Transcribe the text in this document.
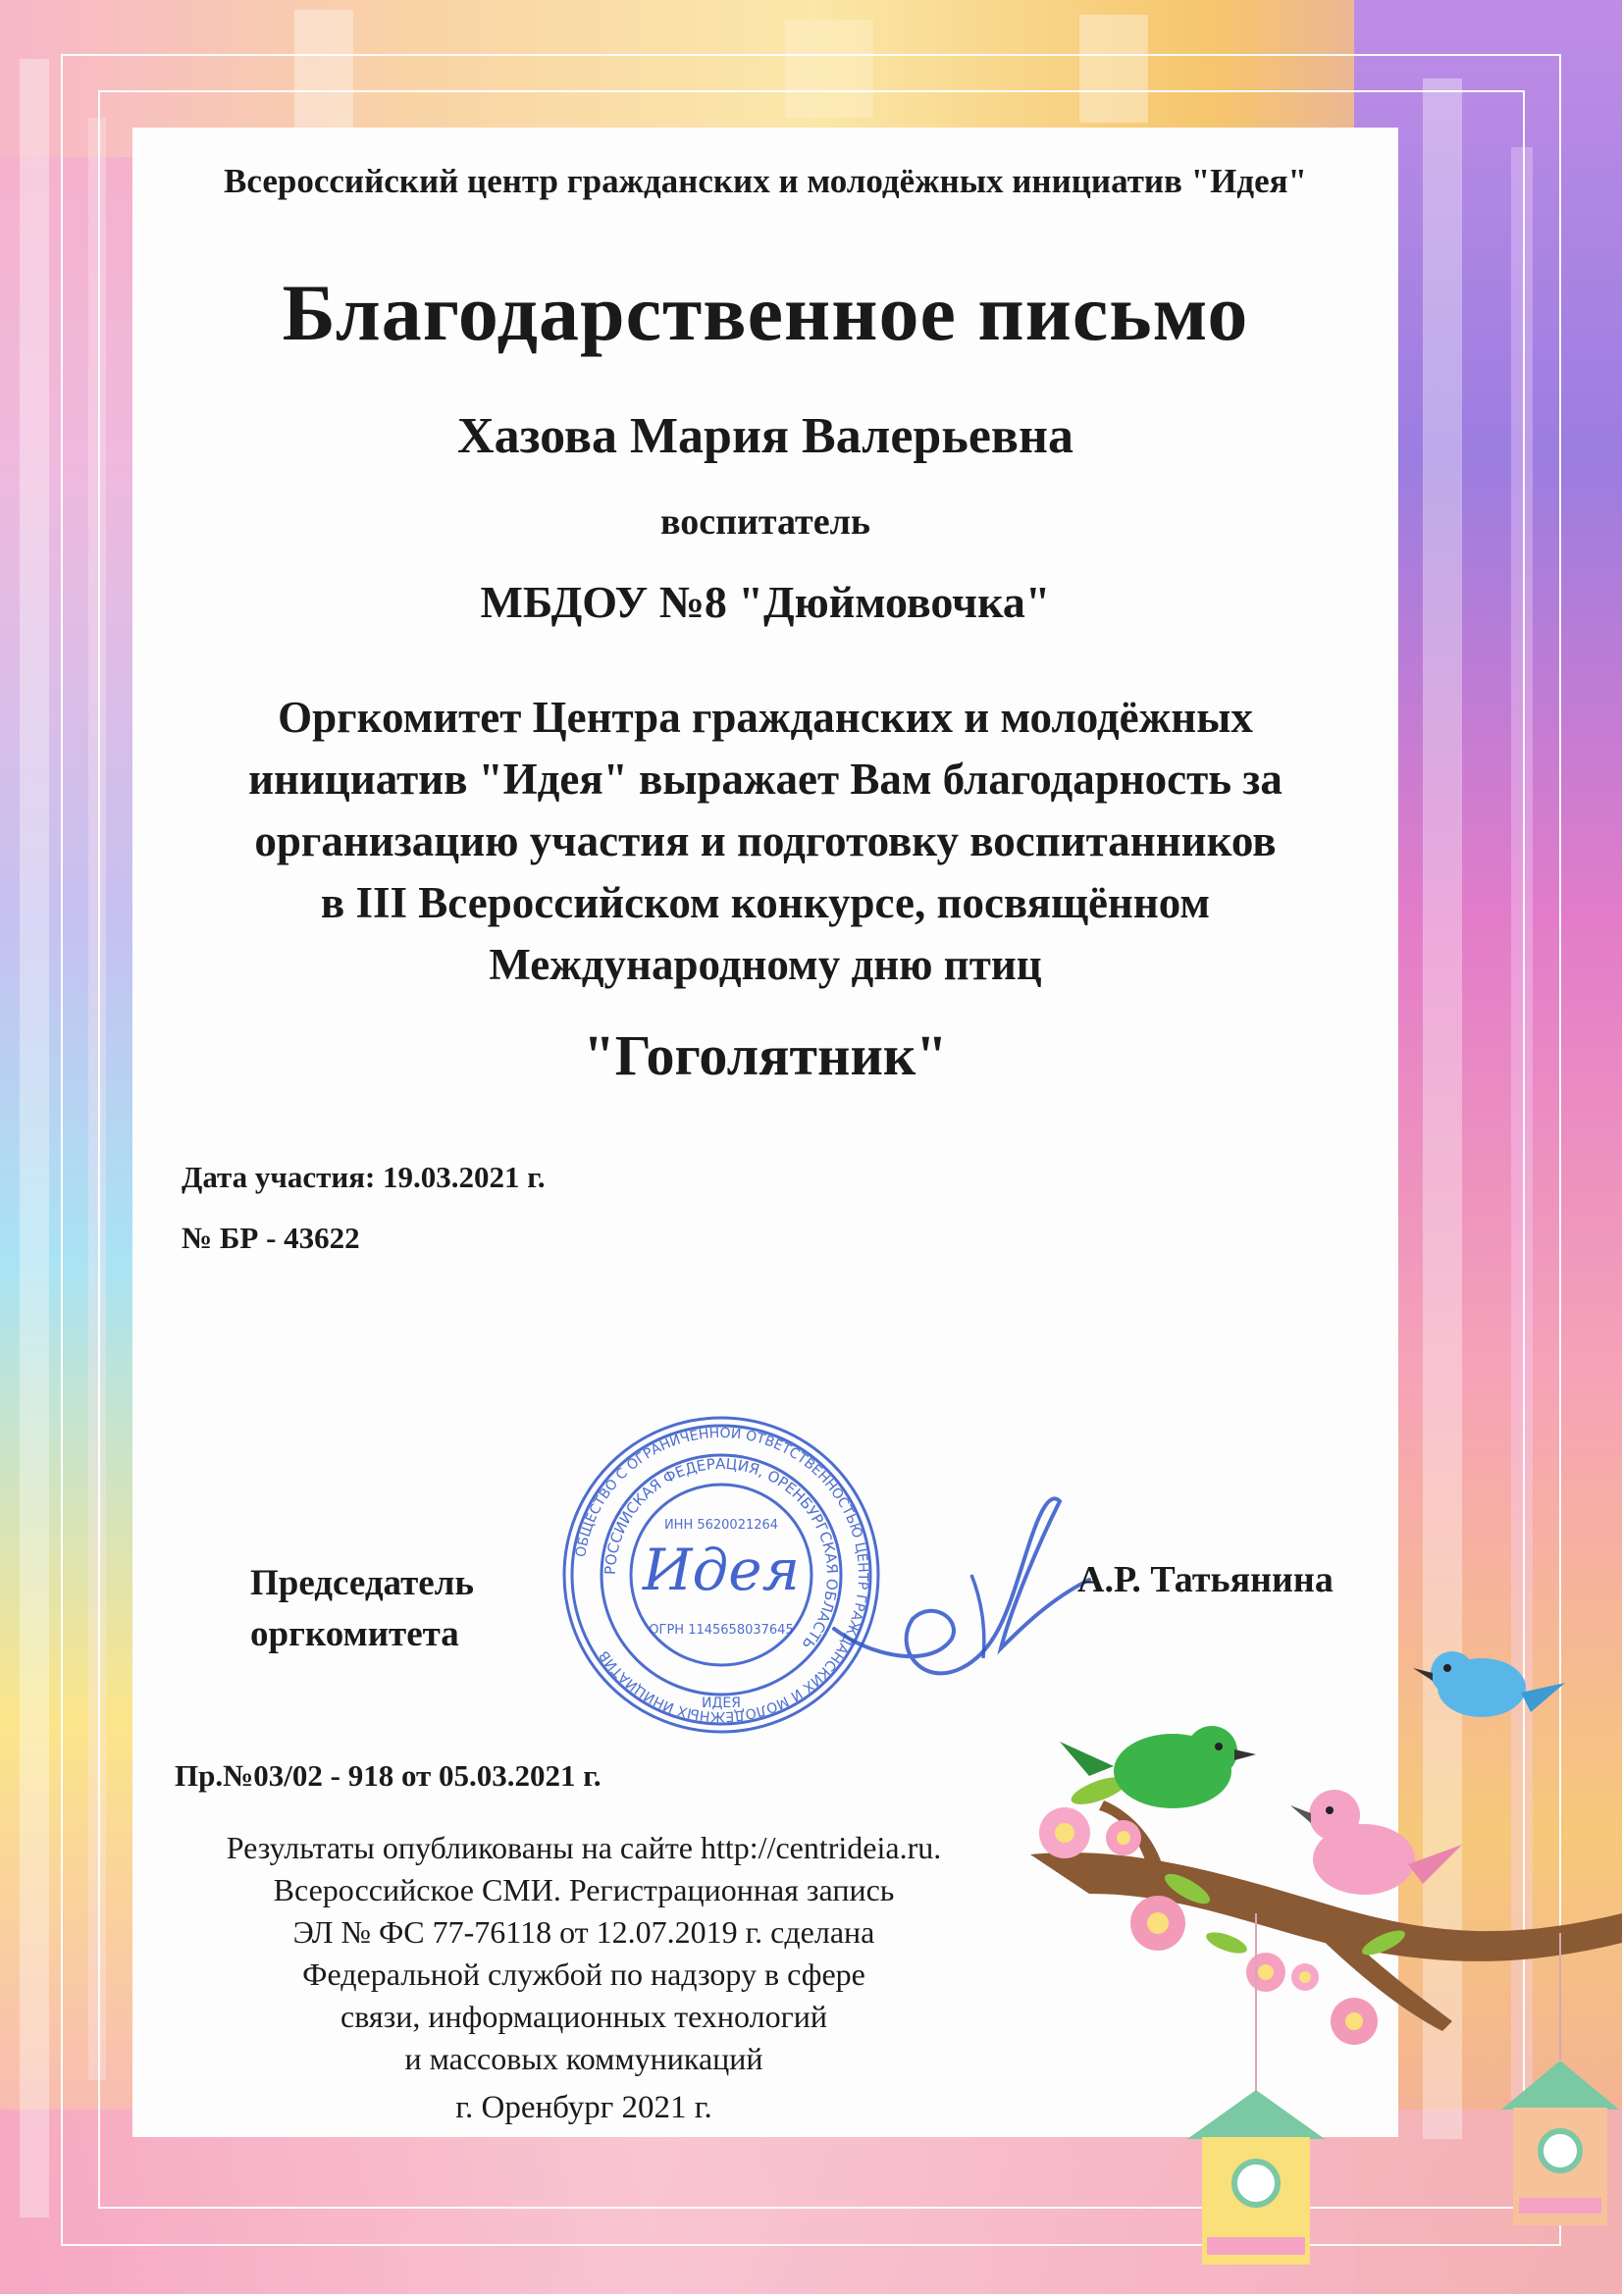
Всероссийский центр гражданских и молодёжных инициатив "Идея"
Благодарственное письмо
Хазова Мария Валерьевна
воспитатель
МБДОУ №8 "Дюймовочка"
Оргкомитет Центра гражданских и молодёжных
инициатив "Идея" выражает Вам благодарность за
организацию участия и подготовку воспитанников
в III Всероссийском конкурсе, посвящённом
Международному дню птиц
"Гоголятник"
Дата участия: 19.03.2021 г.
№ БР - 43622
Председатель
оргкомитета
ОБЩЕСТВО С ОГРАНИЧЕННОЙ ОТВЕТСТВЕННОСТЬЮ ЦЕНТР ГРАЖДАНСКИХ И МОЛОДЁЖНЫХ ИНИЦИАТИВ
РОССИЙСКАЯ ФЕДЕРАЦИЯ, ОРЕНБУРГСКАЯ ОБЛАСТЬ
ИНН 5620021264
Идея
ОГРН 1145658037645
ИДЕЯ
А.Р. Татьянина
Пр.№03/02 - 918 от 05.03.2021 г.
Результаты опубликованы на сайте http://centrideia.ru.
Всероссийское СМИ. Регистрационная запись
ЭЛ № ФС 77-76118 от 12.07.2019 г. сделана
Федеральной службой по надзору в сфере
связи, информационных технологий
и массовых коммуникаций
г. Оренбург 2021 г.
